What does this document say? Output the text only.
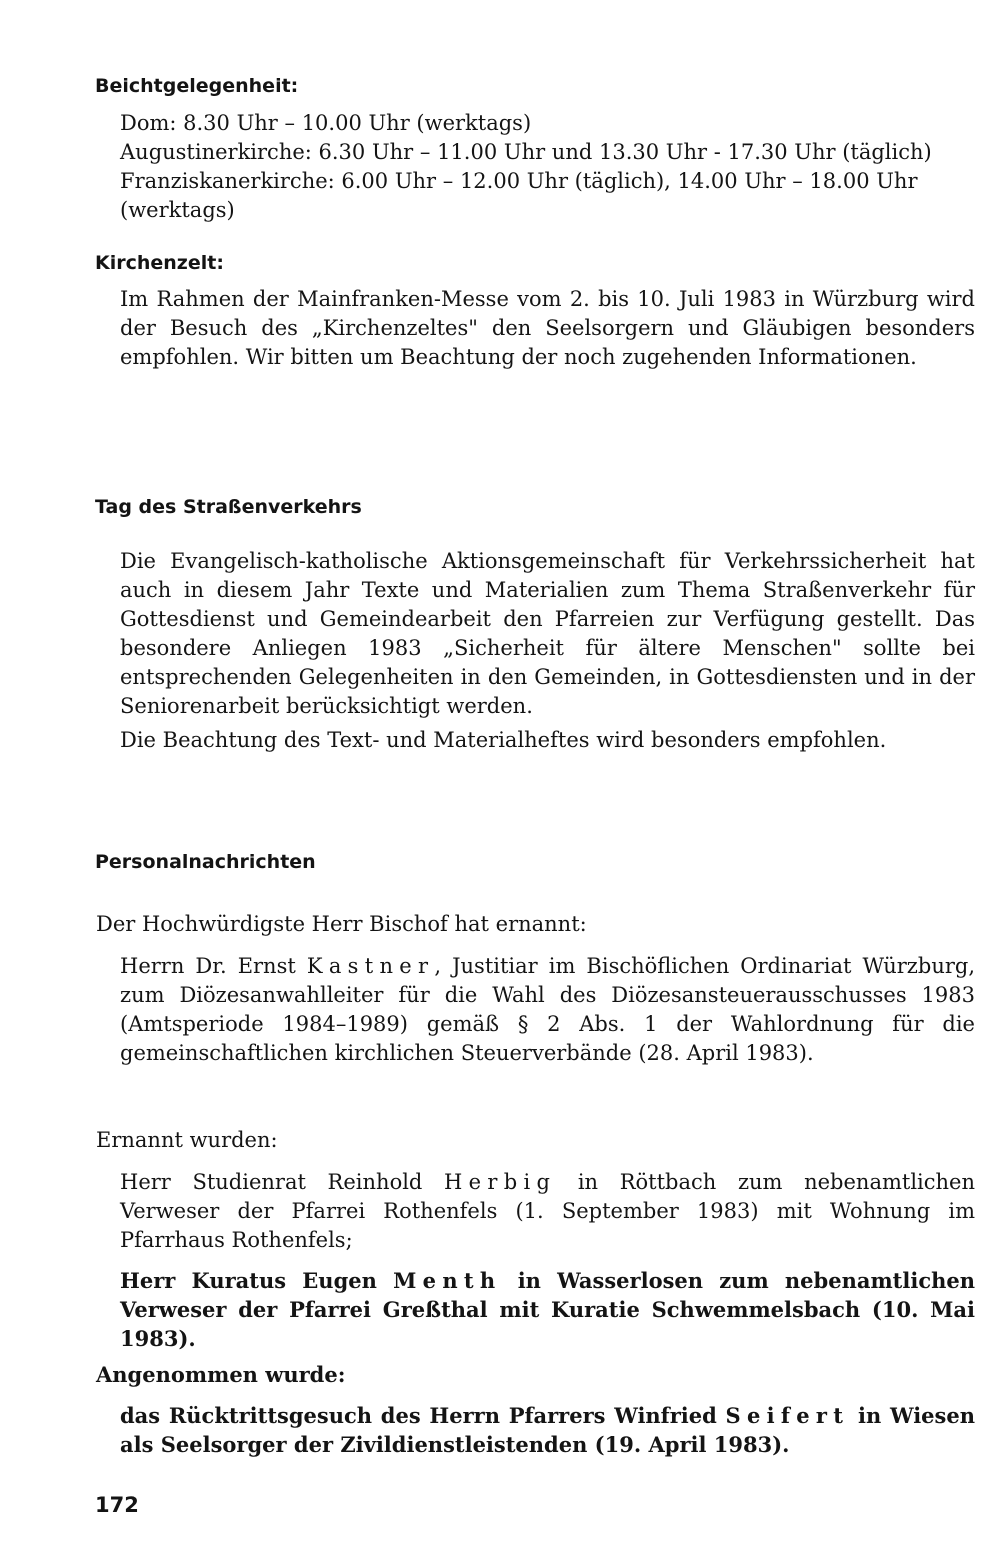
Beichtgelegenheit:

Dom: 8.30 Uhr – 10.00 Uhr (werktags)
Augustinerkirche: 6.30 Uhr – 11.00 Uhr und 13.30 Uhr - 17.30 Uhr (täglich)
Franziskanerkirche: 6.00 Uhr – 12.00 Uhr (täglich), 14.00 Uhr – 18.00 Uhr
(werktags)

Kirchenzelt:

Im Rahmen der Mainfranken-Messe vom 2. bis 10. Juli 1983 in Würzburg wird der Besuch des „Kirchenzeltes" den Seelsorgern und Gläubigen besonders empfohlen. Wir bitten um Beachtung der noch zugehenden Informationen.

Tag des Straßenverkehrs

Die Evangelisch-katholische Aktionsgemeinschaft für Verkehrssicherheit hat auch in diesem Jahr Texte und Materialien zum Thema Straßenverkehr für Gottesdienst und Gemeindearbeit den Pfarreien zur Verfügung gestellt. Das besondere Anliegen 1983 „Sicherheit für ältere Menschen" sollte bei entsprechenden Gelegenheiten in den Gemeinden, in Gottesdiensten und in der Seniorenarbeit berücksichtigt werden.

Die Beachtung des Text- und Materialheftes wird besonders empfohlen.

Personalnachrichten

Der Hochwürdigste Herr Bischof hat ernannt:

Herrn Dr. Ernst Kastner, Justitiar im Bischöflichen Ordinariat Würzburg, zum Diözesanwahlleiter für die Wahl des Diözesansteuerausschusses 1983 (Amtsperiode 1984–1989) gemäß § 2 Abs. 1 der Wahlordnung für die gemeinschaftlichen kirchlichen Steuerverbände (28. April 1983).

Ernannt wurden:

Herr Studienrat Reinhold Herbig in Röttbach zum nebenamtlichen Verweser der Pfarrei Rothenfels (1. September 1983) mit Wohnung im Pfarrhaus Rothenfels;

Herr Kuratus Eugen Menth in Wasserlosen zum nebenamtlichen Verweser der Pfarrei Greßthal mit Kuratie Schwemmelsbach (10. Mai 1983).

Angenommen wurde:

das Rücktrittsgesuch des Herrn Pfarrers Winfried Seifert in Wiesen als Seelsorger der Zivildienstleistenden (19. April 1983).

172
